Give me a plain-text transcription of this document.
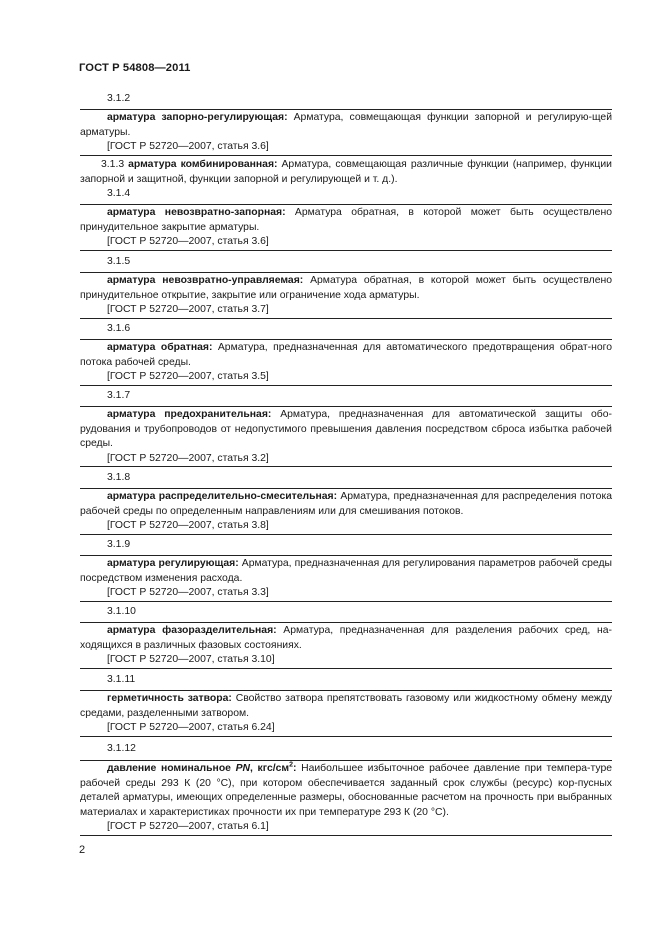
ГОСТ Р 54808—2011
3.1.2

арматура запорно-регулирующая: Арматура, совмещающая функции запорной и регулирую-щей арматуры.

[ГОСТ Р 52720—2007, статья 3.6]

3.1.3 арматура комбинированная: Арматура, совмещающая различные функции (например, функции запорной и защитной, функции запорной и регулирующей и т. д.).

3.1.4

арматура невозвратно-запорная: Арматура обратная, в которой может быть осуществлено принудительное закрытие арматуры.

[ГОСТ Р 52720—2007, статья 3.6]

3.1.5

арматура невозвратно-управляемая: Арматура обратная, в которой может быть осуществлено принудительное открытие, закрытие или ограничение хода арматуры.

[ГОСТ Р 52720—2007, статья 3.7]

3.1.6

арматура обратная: Арматура, предназначенная для автоматического предотвращения обрат-ного потока рабочей среды.

[ГОСТ Р 52720—2007, статья 3.5]

3.1.7

арматура предохранительная: Арматура, предназначенная для автоматической защиты обо-рудования и трубопроводов от недопустимого превышения давления посредством сброса избытка рабочей среды.

[ГОСТ Р 52720—2007, статья 3.2]

3.1.8

арматура распределительно-смесительная: Арматура, предназначенная для распределения потока рабочей среды по определенным направлениям или для смешивания потоков.

[ГОСТ Р 52720—2007, статья 3.8]

3.1.9

арматура регулирующая: Арматура, предназначенная для регулирования параметров рабочей среды посредством изменения расхода.

[ГОСТ Р 52720—2007, статья 3.3]

3.1.10

арматура фазоразделительная: Арматура, предназначенная для разделения рабочих сред, на-ходящихся в различных фазовых состояниях.

[ГОСТ Р 52720—2007, статья 3.10]

3.1.11

герметичность затвора: Свойство затвора препятствовать газовому или жидкостному обмену между средами, разделенными затвором.

[ГОСТ Р 52720—2007, статья 6.24]

3.1.12

давление номинальное PN, кгс/$см^2$: Наибольшее избыточное рабочее давление при темпера-туре рабочей среды 293 К (20 °С), при котором обеспечивается заданный срок службы (ресурс) кор-пусных деталей арматуры, имеющих определенные размеры, обоснованные расчетом на прочность при выбранных материалах и характеристиках прочности их при температуре 293 К (20 °С).

[ГОСТ Р 52720—2007, статья 6.1]

2
